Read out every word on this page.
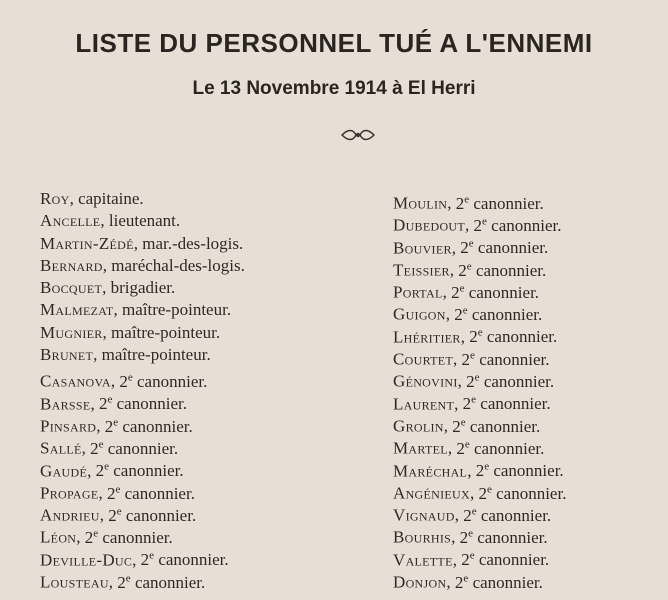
LISTE DU PERSONNEL TUÉ A L'ENNEMI
Le 13 Novembre 1914 à El Herri
Roy, capitaine.
Ancelle, lieutenant.
Martin-Zédé, mar.-des-logis.
Bernard, maréchal-des-logis.
Bocquet, brigadier.
Malmezat, maître-pointeur.
Mugnier, maître-pointeur.
Brunet, maître-pointeur.
Casanova, 2e canonnier.
Barsse, 2e canonnier.
Pinsard, 2e canonnier.
Sallé, 2e canonnier.
Gaudé, 2e canonnier.
Propage, 2e canonnier.
Andrieu, 2e canonnier.
Léon, 2e canonnier.
Deville-Duc, 2e canonnier.
Lousteau, 2e canonnier.
Moulin, 2e canonnier.
Dubedout, 2e canonnier.
Bouvier, 2e canonnier.
Teissier, 2e canonnier.
Portal, 2e canonnier.
Guigon, 2e canonnier.
Lhéritier, 2e canonnier.
Courtet, 2e canonnier.
Génovini, 2e canonnier.
Laurent, 2e canonnier.
Grolin, 2e canonnier.
Martel, 2e canonnier.
Maréchal, 2e canonnier.
Angénieux, 2e canonnier.
Vignaud, 2e canonnier.
Bourhis, 2e canonnier.
Valette, 2e canonnier.
Donjon, 2e canonnier.
